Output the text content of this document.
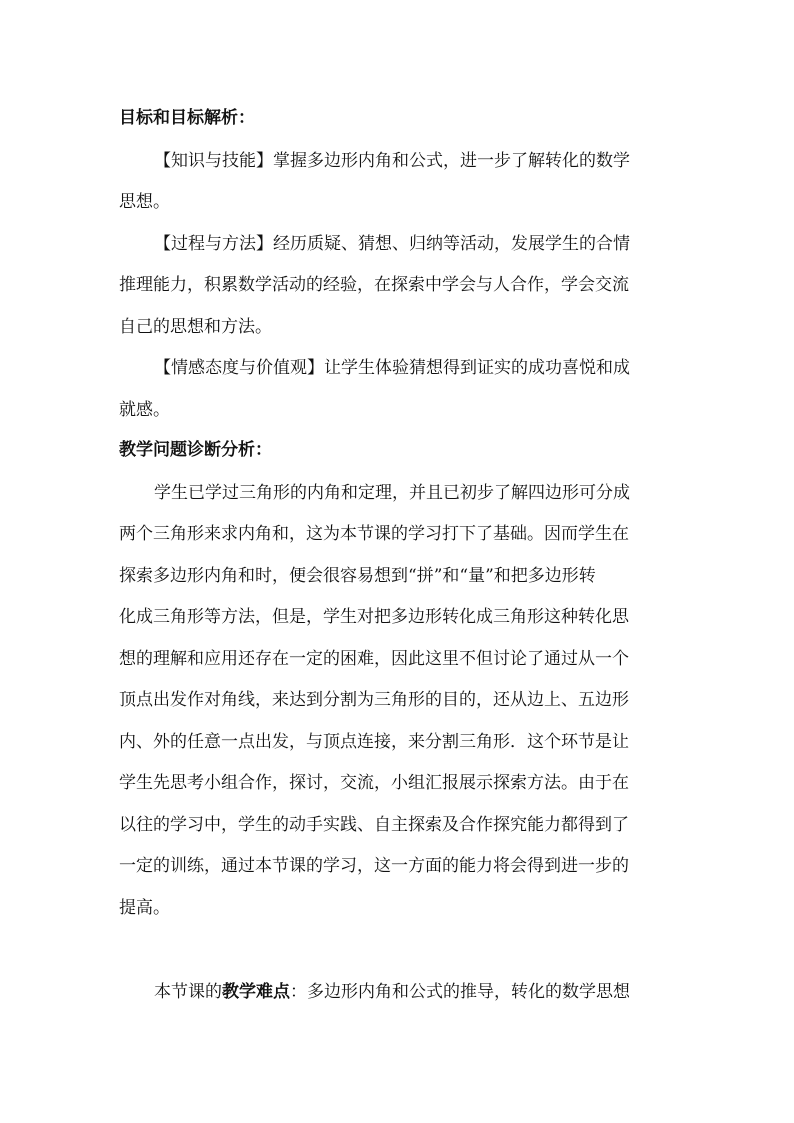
目标和目标解析：
【知识与技能】掌握多边形内角和公式，进一步了解转化的数学
思想。
【过程与方法】经历质疑、猜想、归纳等活动，发展学生的合情
推理能力，积累数学活动的经验，在探索中学会与人合作，学会交流
自己的思想和方法。
【情感态度与价值观】让学生体验猜想得到证实的成功喜悦和成
就感。
教学问题诊断分析：
学生已学过三角形的内角和定理，并且已初步了解四边形可分成
两个三角形来求内角和，这为本节课的学习打下了基础。因而学生在
探索多边形内角和时，便会很容易想到“拼”和“量”和把多边形转
化成三角形等方法，但是，学生对把多边形转化成三角形这种转化思
想的理解和应用还存在一定的困难，因此这里不但讨论了通过从一个
顶点出发作对角线，来达到分割为三角形的目的，还从边上、五边形
内、外的任意一点出发，与顶点连接，来分割三角形．这个环节是让
学生先思考小组合作，探讨，交流，小组汇报展示探索方法。由于在
以往的学习中，学生的动手实践、自主探索及合作探究能力都得到了
一定的训练，通过本节课的学习，这一方面的能力将会得到进一步的
提高。
本节课的教学难点：多边形内角和公式的推导，转化的数学思想
